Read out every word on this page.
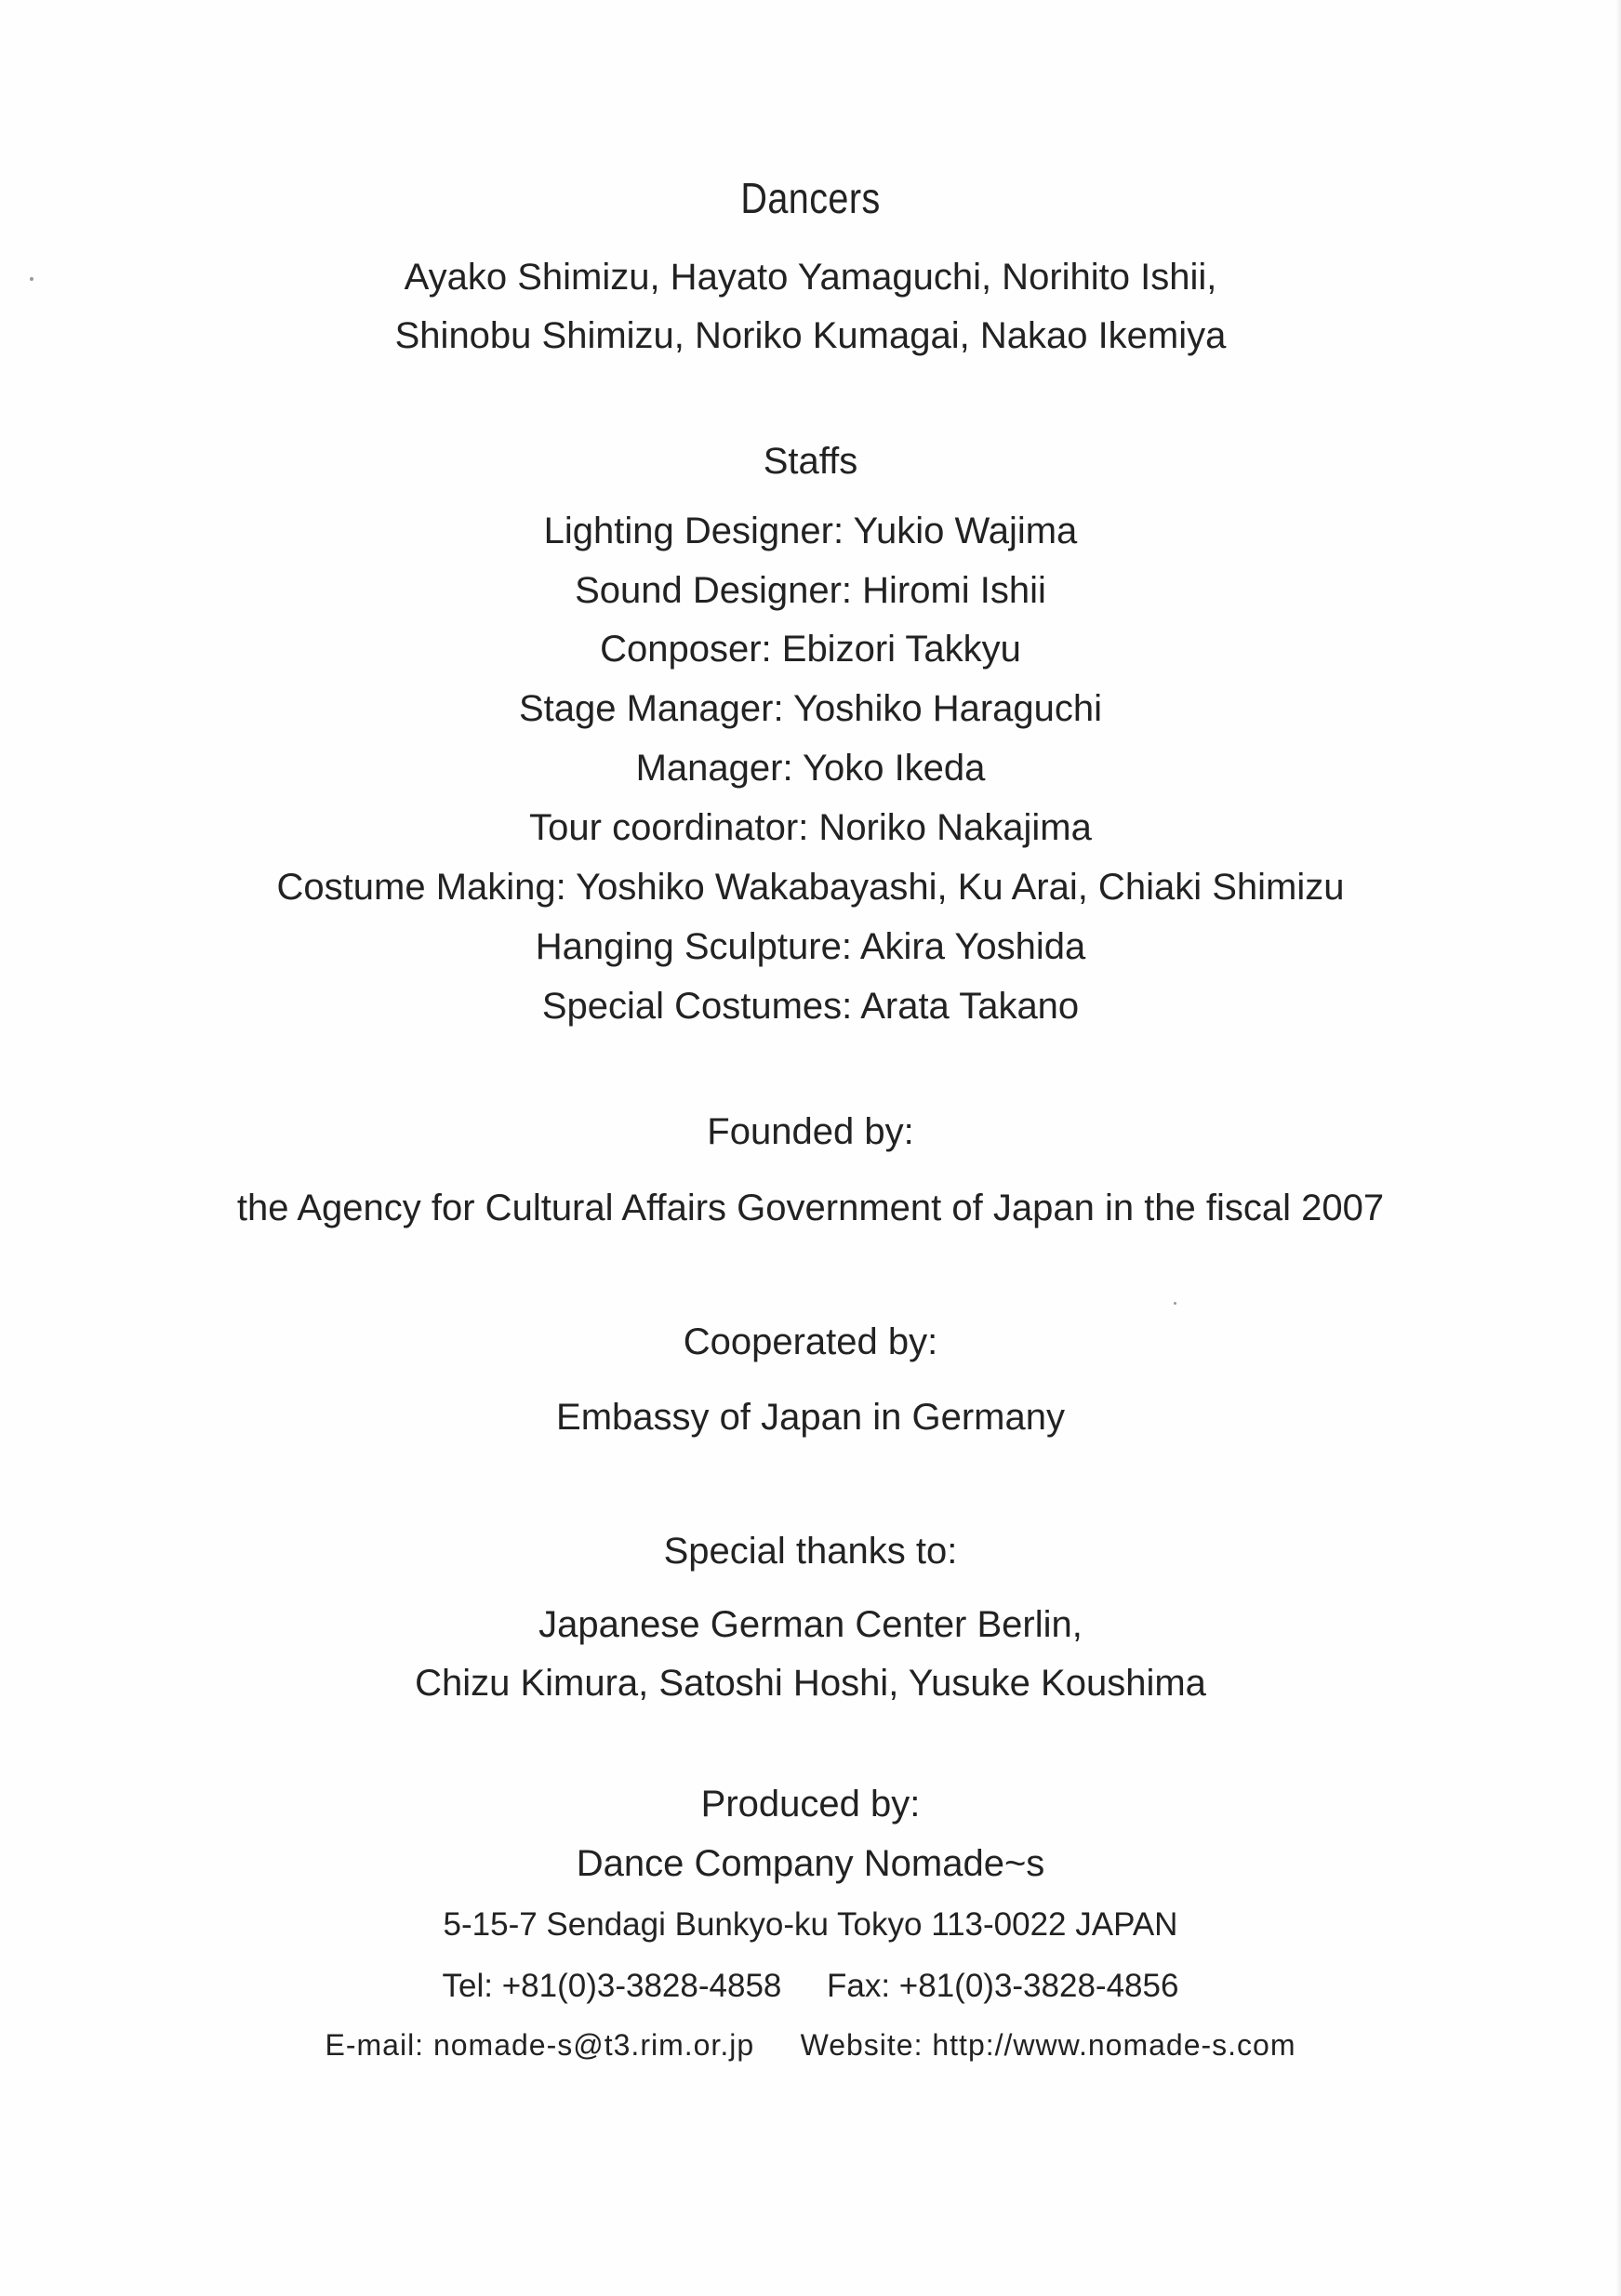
Dancers
Ayako Shimizu, Hayato Yamaguchi, Norihito Ishii,
Shinobu Shimizu, Noriko Kumagai, Nakao Ikemiya
Staffs
Lighting Designer: Yukio Wajima
Sound Designer: Hiromi Ishii
Conposer: Ebizori Takkyu
Stage Manager: Yoshiko Haraguchi
Manager: Yoko Ikeda
Tour coordinator: Noriko Nakajima
Costume Making: Yoshiko Wakabayashi, Ku Arai, Chiaki Shimizu
Hanging Sculpture: Akira Yoshida
Special Costumes: Arata Takano
Founded by:
the Agency for Cultural Affairs Government of Japan in the fiscal 2007
Cooperated by:
Embassy of Japan in Germany
Special thanks to:
Japanese German Center Berlin,
Chizu Kimura, Satoshi Hoshi, Yusuke Koushima
Produced by:
Dance Company Nomade~s
5-15-7 Sendagi Bunkyo-ku Tokyo 113-0022 JAPAN
Tel: +81(0)3-3828-4858     Fax: +81(0)3-3828-4856
E-mail: nomade-s@t3.rim.or.jp     Website: http://www.nomade-s.com
